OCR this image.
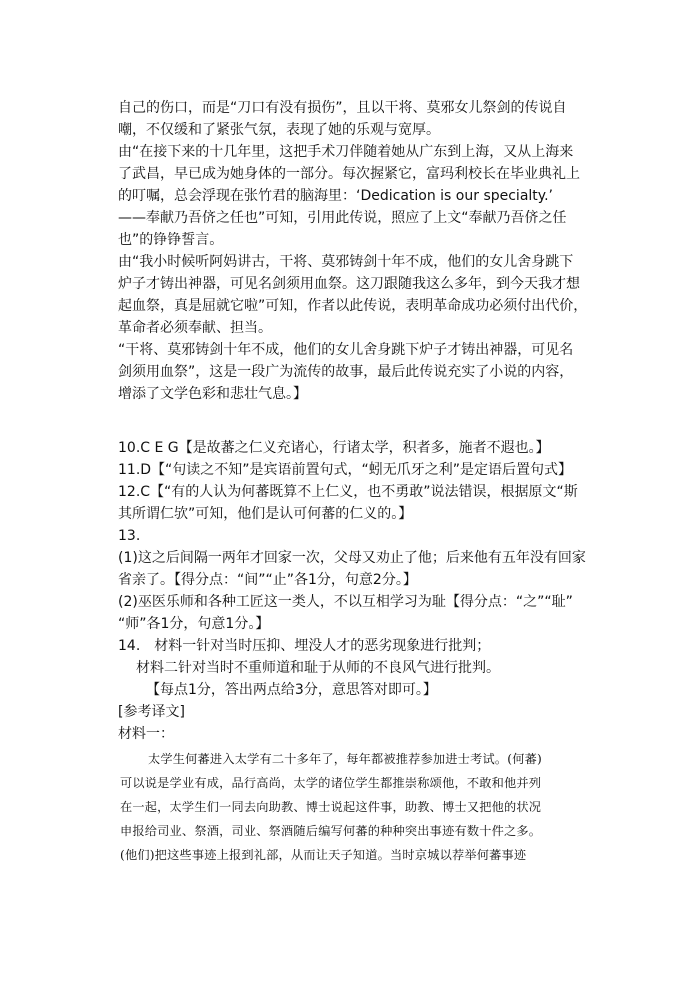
自己的伤口，而是“刀口有没有损伤”，且以干将、莫邪女儿祭剑的传说自
嘲，不仅缓和了紧张气氛，表现了她的乐观与宽厚。
由“在接下来的十几年里，这把手术刀伴随着她从广东到上海，又从上海来
了武昌，早已成为她身体的一部分。每次握紧它，富玛利校长在毕业典礼上
的叮嘱，总会浮现在张竹君的脑海里：‘Dedication is our specialty.’
——奉献乃吾侪之任也”可知，引用此传说，照应了上文“奉献乃吾侪之任
也”的铮铮誓言。
由“我小时候听阿妈讲古，干将、莫邪铸剑十年不成，他们的女儿舍身跳下
炉子才铸出神器，可见名剑须用血祭。这刀跟随我这么多年，到今天我才想
起血祭，真是屈就它啦”可知，作者以此传说，表明革命成功必须付出代价，
革命者必须奉献、担当。
“干将、莫邪铸剑十年不成，他们的女儿舍身跳下炉子才铸出神器，可见名
剑须用血祭”，这是一段广为流传的故事，最后此传说充实了小说的内容，
增添了文学色彩和悲壮气息。】
10.C E G【是故蕃之仁义充诸心，行诸太学，积者多，施者不遐也。】
11.D【“句读之不知”是宾语前置句式，“蚓无爪牙之利”是定语后置句式】
12.C【“有的人认为何蕃既算不上仁义，也不勇敢”说法错误，根据原文“斯
其所谓仁欤”可知，他们是认可何蕃的仁义的。】
13.
(1)这之后间隔一两年才回家一次，父母又劝止了他；后来他有五年没有回家
省亲了。【得分点：“间”“止”各1分，句意2分。】
(2)巫医乐师和各种工匠这一类人，不以互相学习为耻【得分点：“之”“耻”
“师”各1分，句意1分。】
14.　材料一针对当时压抑、埋没人才的恶劣现象进行批判；
材料二针对当时不重师道和耻于从师的不良风气进行批判。
【每点1分，答出两点给3分，意思答对即可。】
[参考译文]
材料一：
太学生何蕃进入太学有二十多年了，每年都被推荐参加进士考试。(何蕃)
可以说是学业有成，品行高尚，太学的诸位学生都推崇称颂他，不敢和他并列
在一起，太学生们一同去向助教、博士说起这件事，助教、博士又把他的状况
申报给司业、祭酒，司业、祭酒随后编写何蕃的种种突出事迹有数十件之多。
(他们)把这些事迹上报到礼部，从而让天子知道。当时京城以荐举何蕃事迹
